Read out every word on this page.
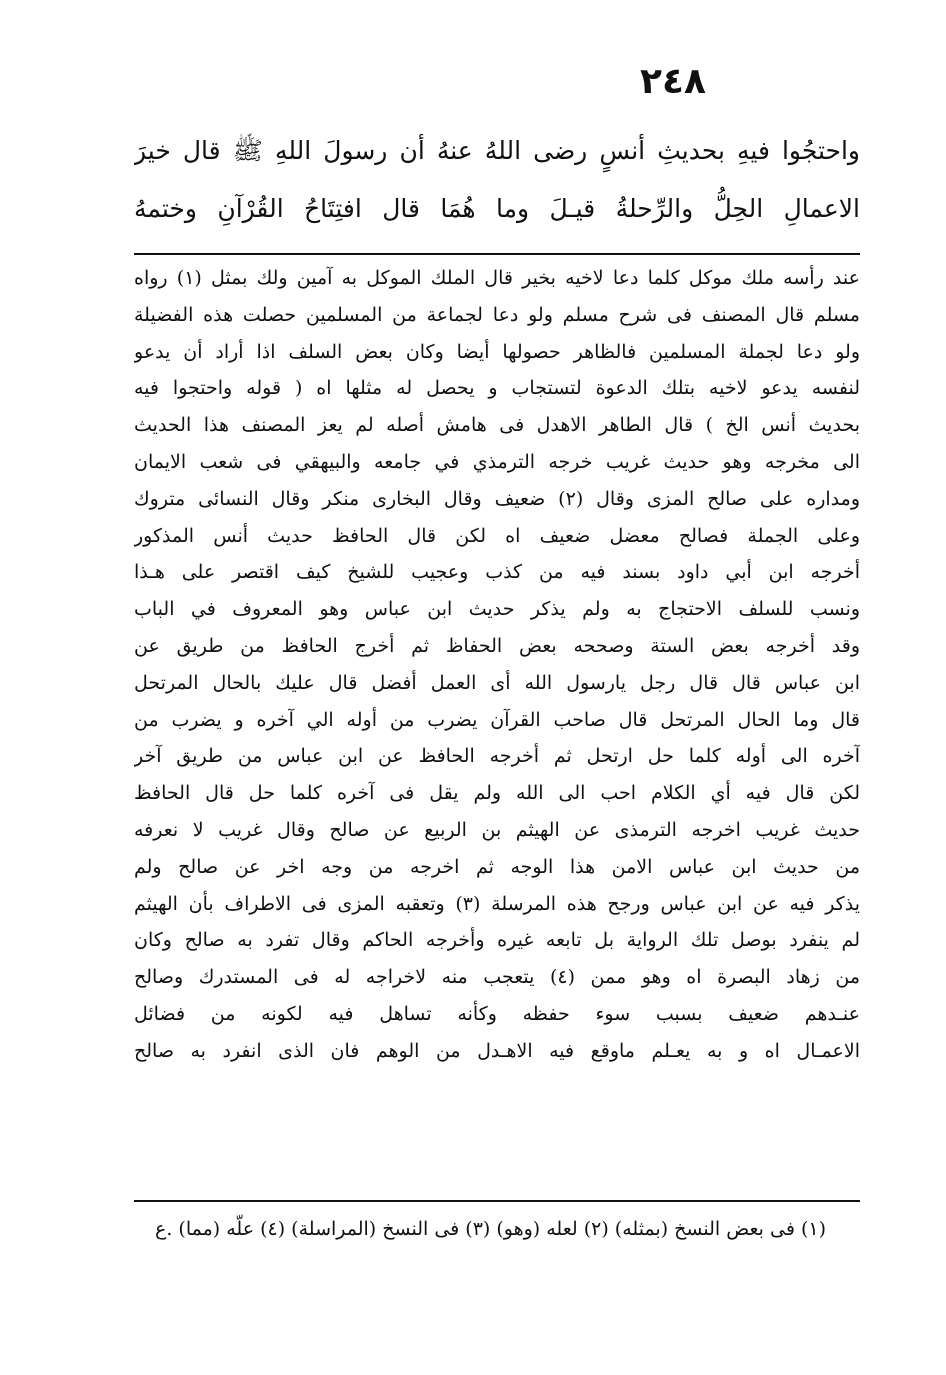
٢٤٨
واحتجُوا فيهِ بحديثِ أنسٍ رضى اللهُ عنهُ أن رسولَ اللهِ ﷺ قال خيرَ
الاعمالِ الحِلُّ والرِّحلةُ قيـلَ وما هُمَا قال افتِتَاحُ القُرْآنِ وختمهُ
عند رأسه ملك موكل كلما دعا لاخيه بخير قال الملك الموكل به آمين ولك بمثل (١) رواه
مسلم قال المصنف فى شرح مسلم ولو دعا لجماعة من المسلمين حصلت هذه الفضيلة
ولو دعا لجملة المسلمين فالظاهر حصولها أيضا وكان بعض السلف اذا أراد أن يدعو
لنفسه يدعو لاخيه بتلك الدعوة لتستجاب و يحصل له مثلها اه ( قوله واحتجوا فيه
بحديث أنس الخ ) قال الطاهر الاهدل فى هامش أصله لم يعز المصنف هذا الحديث
الى مخرجه وهو حديث غريب خرجه الترمذي في جامعه والبيهقي فى شعب الايمان
ومداره على صالح المزى وقال (٢) ضعيف وقال البخارى منكر وقال النسائى متروك
وعلى الجملة فصالح معضل ضعيف اه لكن قال الحافظ حديث أنس المذكور
أخرجه ابن أبي داود بسند فيه من كذب وعجيب للشيخ كيف اقتصر على هـذا
ونسب للسلف الاحتجاج به ولم يذكر حديث ابن عباس وهو المعروف في الباب
وقد أخرجه بعض الستة وصححه بعض الحفاظ ثم أخرج الحافظ من طريق عن
ابن عباس قال قال رجل يارسول الله أى العمل أفضل قال عليك بالحال المرتحل
قال وما الحال المرتحل قال صاحب القرآن يضرب من أوله الي آخره و يضرب من
آخره الى أوله كلما حل ارتحل ثم أخرجه الحافظ عن ابن عباس من طريق آخر
لكن قال فيه أي الكلام احب الى الله ولم يقل فى آخره كلما حل قال الحافظ
حديث غريب اخرجه الترمذى عن الهيثم بن الربيع عن صالح وقال غريب لا نعرفه
من حديث ابن عباس الامن هذا الوجه ثم اخرجه من وجه اخر عن صالح ولم
يذكر فيه عن ابن عباس ورجح هذه المرسلة (٣) وتعقبه المزى فى الاطراف بأن الهيثم
لم ينفرد بوصل تلك الرواية بل تابعه غيره وأخرجه الحاكم وقال تفرد به صالح وكان
من زهاد البصرة اه وهو ممن (٤) يتعجب منه لاخراجه له فى المستدرك وصالح
عنـدهم ضعيف بسبب سوء حفظه وكأنه تساهل فيه لكونه من فضائل
الاعمـال اه و به يعـلم ماوقع فيه الاهـدل من الوهم فان الذى انفرد به صالح
(١) فى بعض النسخ (بمثله) (٢) لعله (وهو) (٣) فى النسخ (المراسلة) (٤) علّه (مما) .ع
